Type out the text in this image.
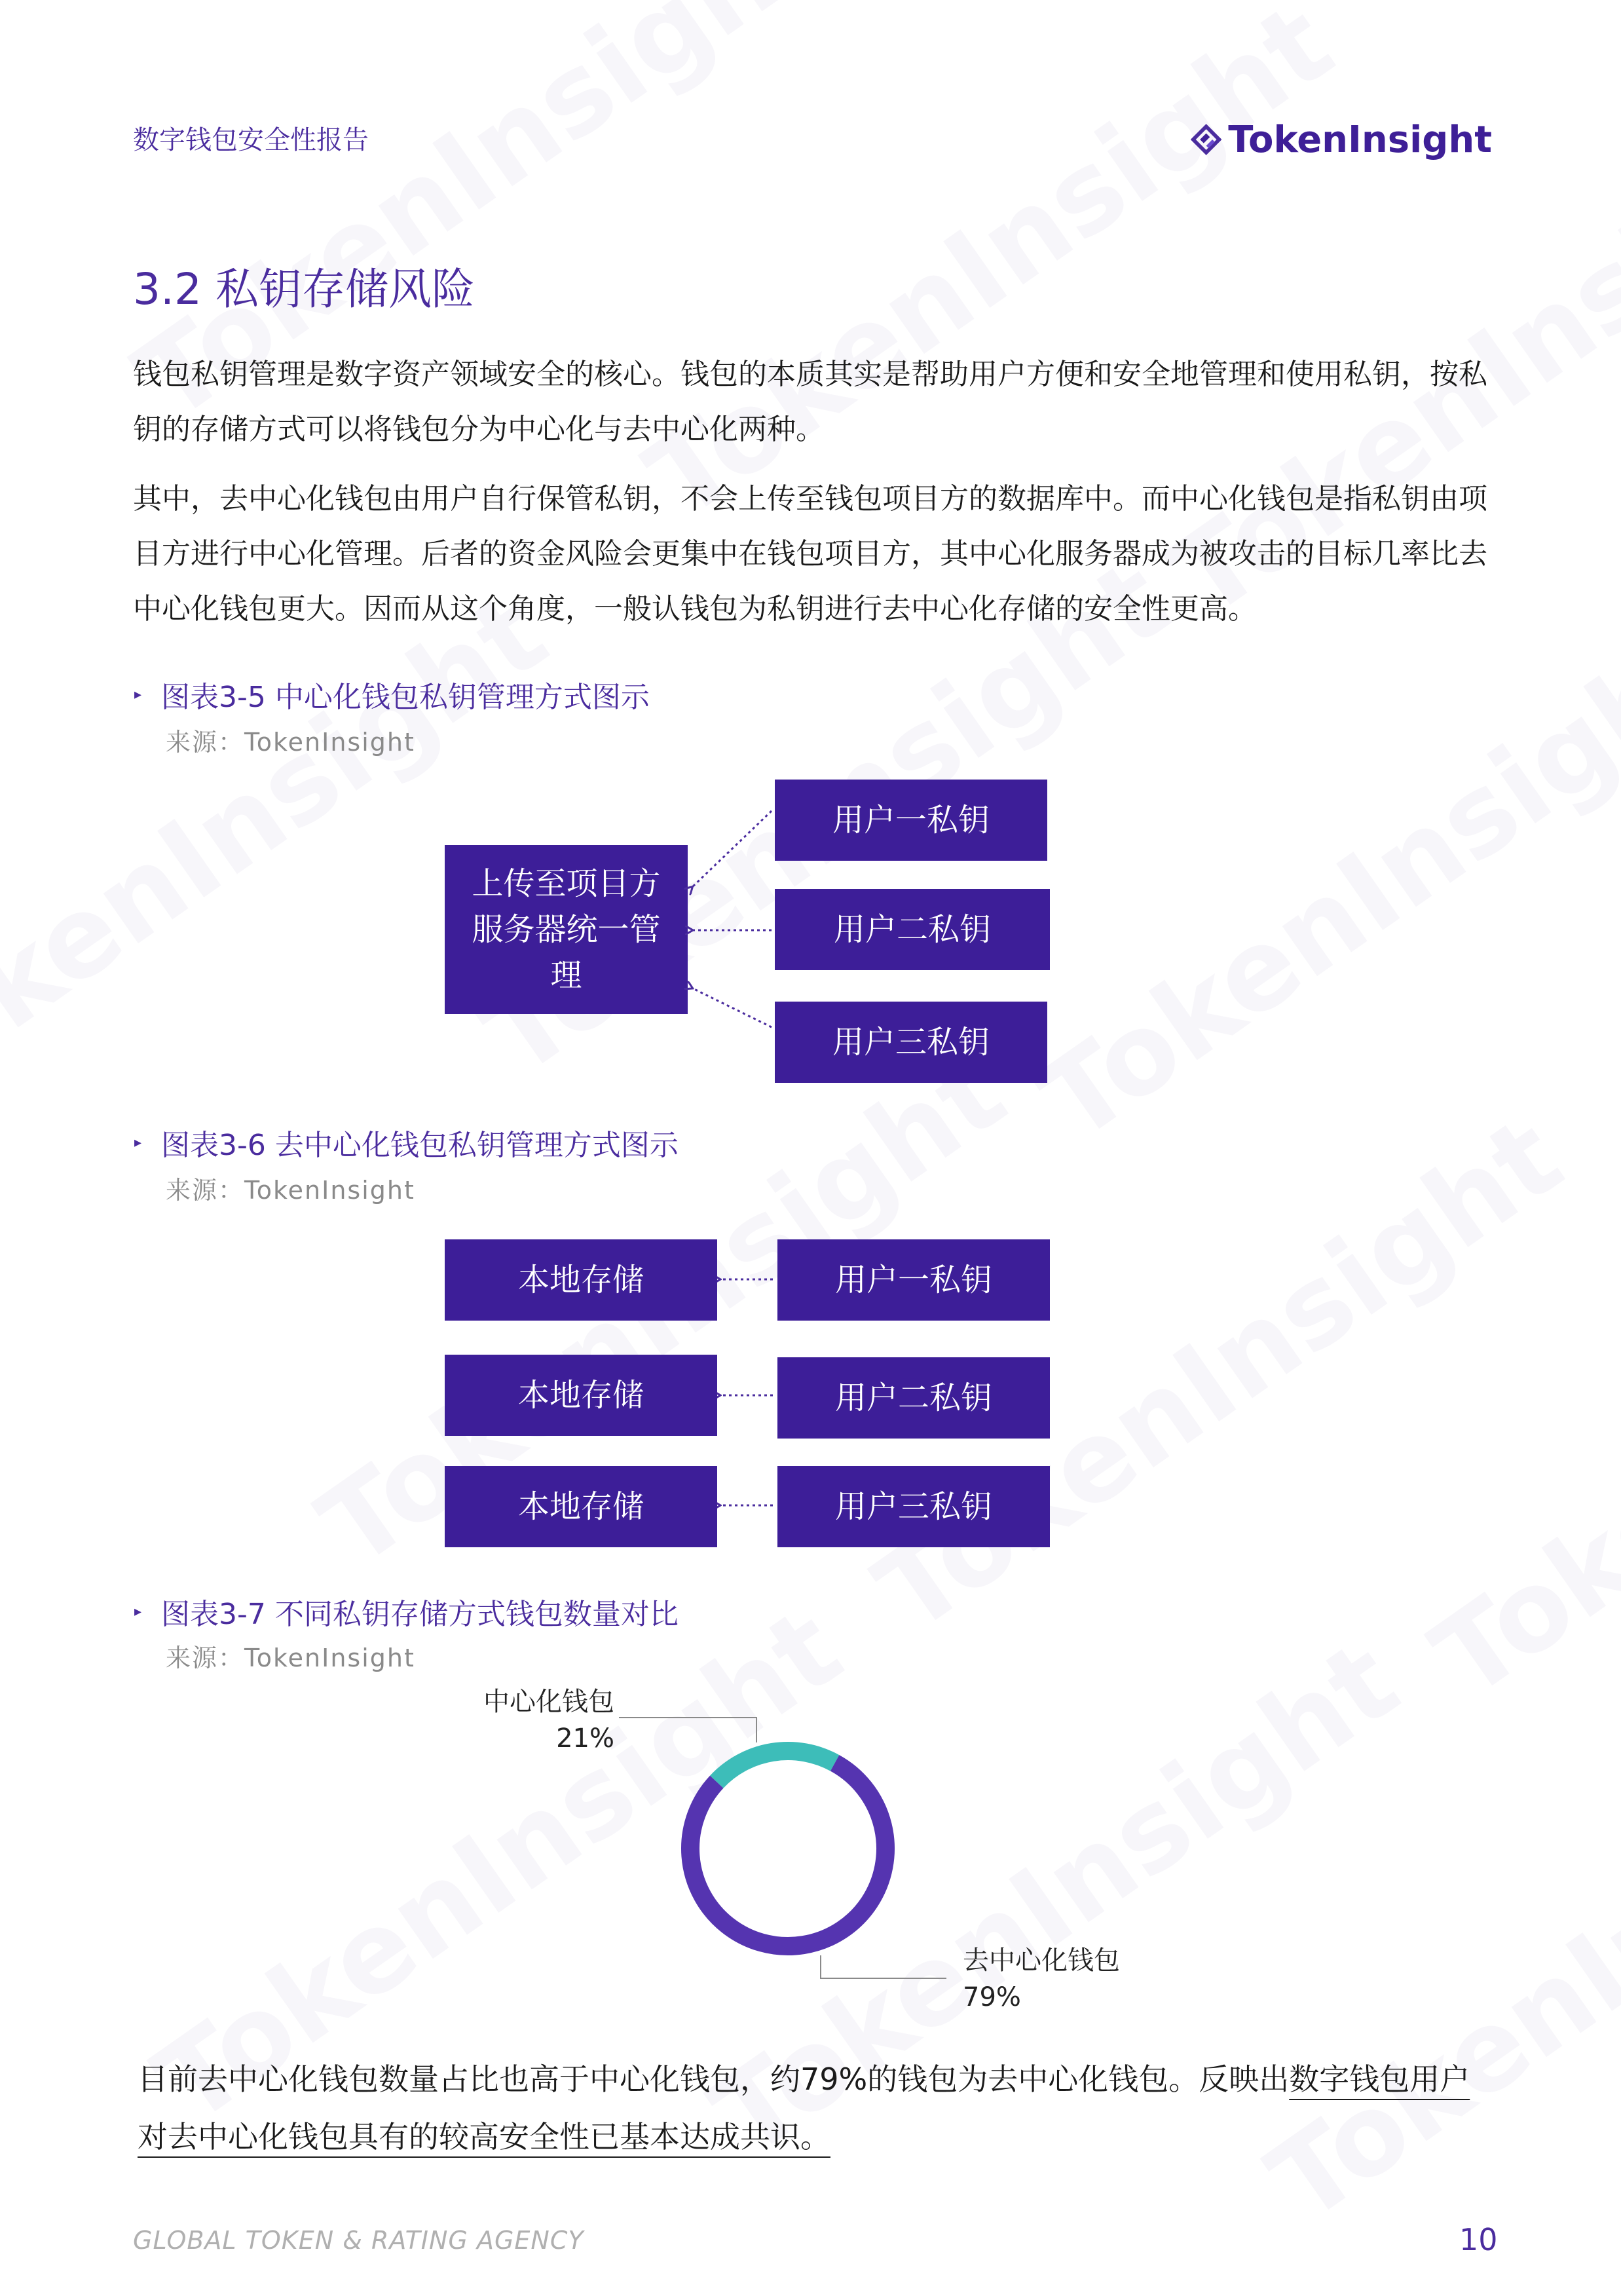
数字钱包安全性报告	TokenInsight
3.2 私钥存储风险
钱包私钥管理是数字资产领域安全的核心。钱包的本质其实是帮助用户方便和安全地管理和使用私钥，按私钥的存储方式可以将钱包分为中心化与去中心化两种。
其中，去中心化钱包由用户自行保管私钥，不会上传至钱包项目方的数据库中。而中心化钱包是指私钥由项目方进行中心化管理。后者的资金风险会更集中在钱包项目方，其中心化服务器成为被攻击的目标几率比去中心化钱包更大。因而从这个角度，一般认钱包为私钥进行去中心化存储的安全性更高。
▸ 图表3-5 中心化钱包私钥管理方式图示
来源：TokenInsight
上传至项目方服务器统一管理
用户一私钥
用户二私钥
用户三私钥
▸ 图表3-6 去中心化钱包私钥管理方式图示
来源：TokenInsight
本地存储
本地存储
本地存储
用户一私钥
用户二私钥
用户三私钥
▸ 图表3-7 不同私钥存储方式钱包数量对比
来源：TokenInsight
中心化钱包
21%
去中心化钱包
79%
目前去中心化钱包数量占比也高于中心化钱包，约79%的钱包为去中心化钱包。反映出数字钱包用户
对去中心化钱包具有的较高安全性已基本达成共识。
GLOBAL TOKEN & RATING AGENCY	10
